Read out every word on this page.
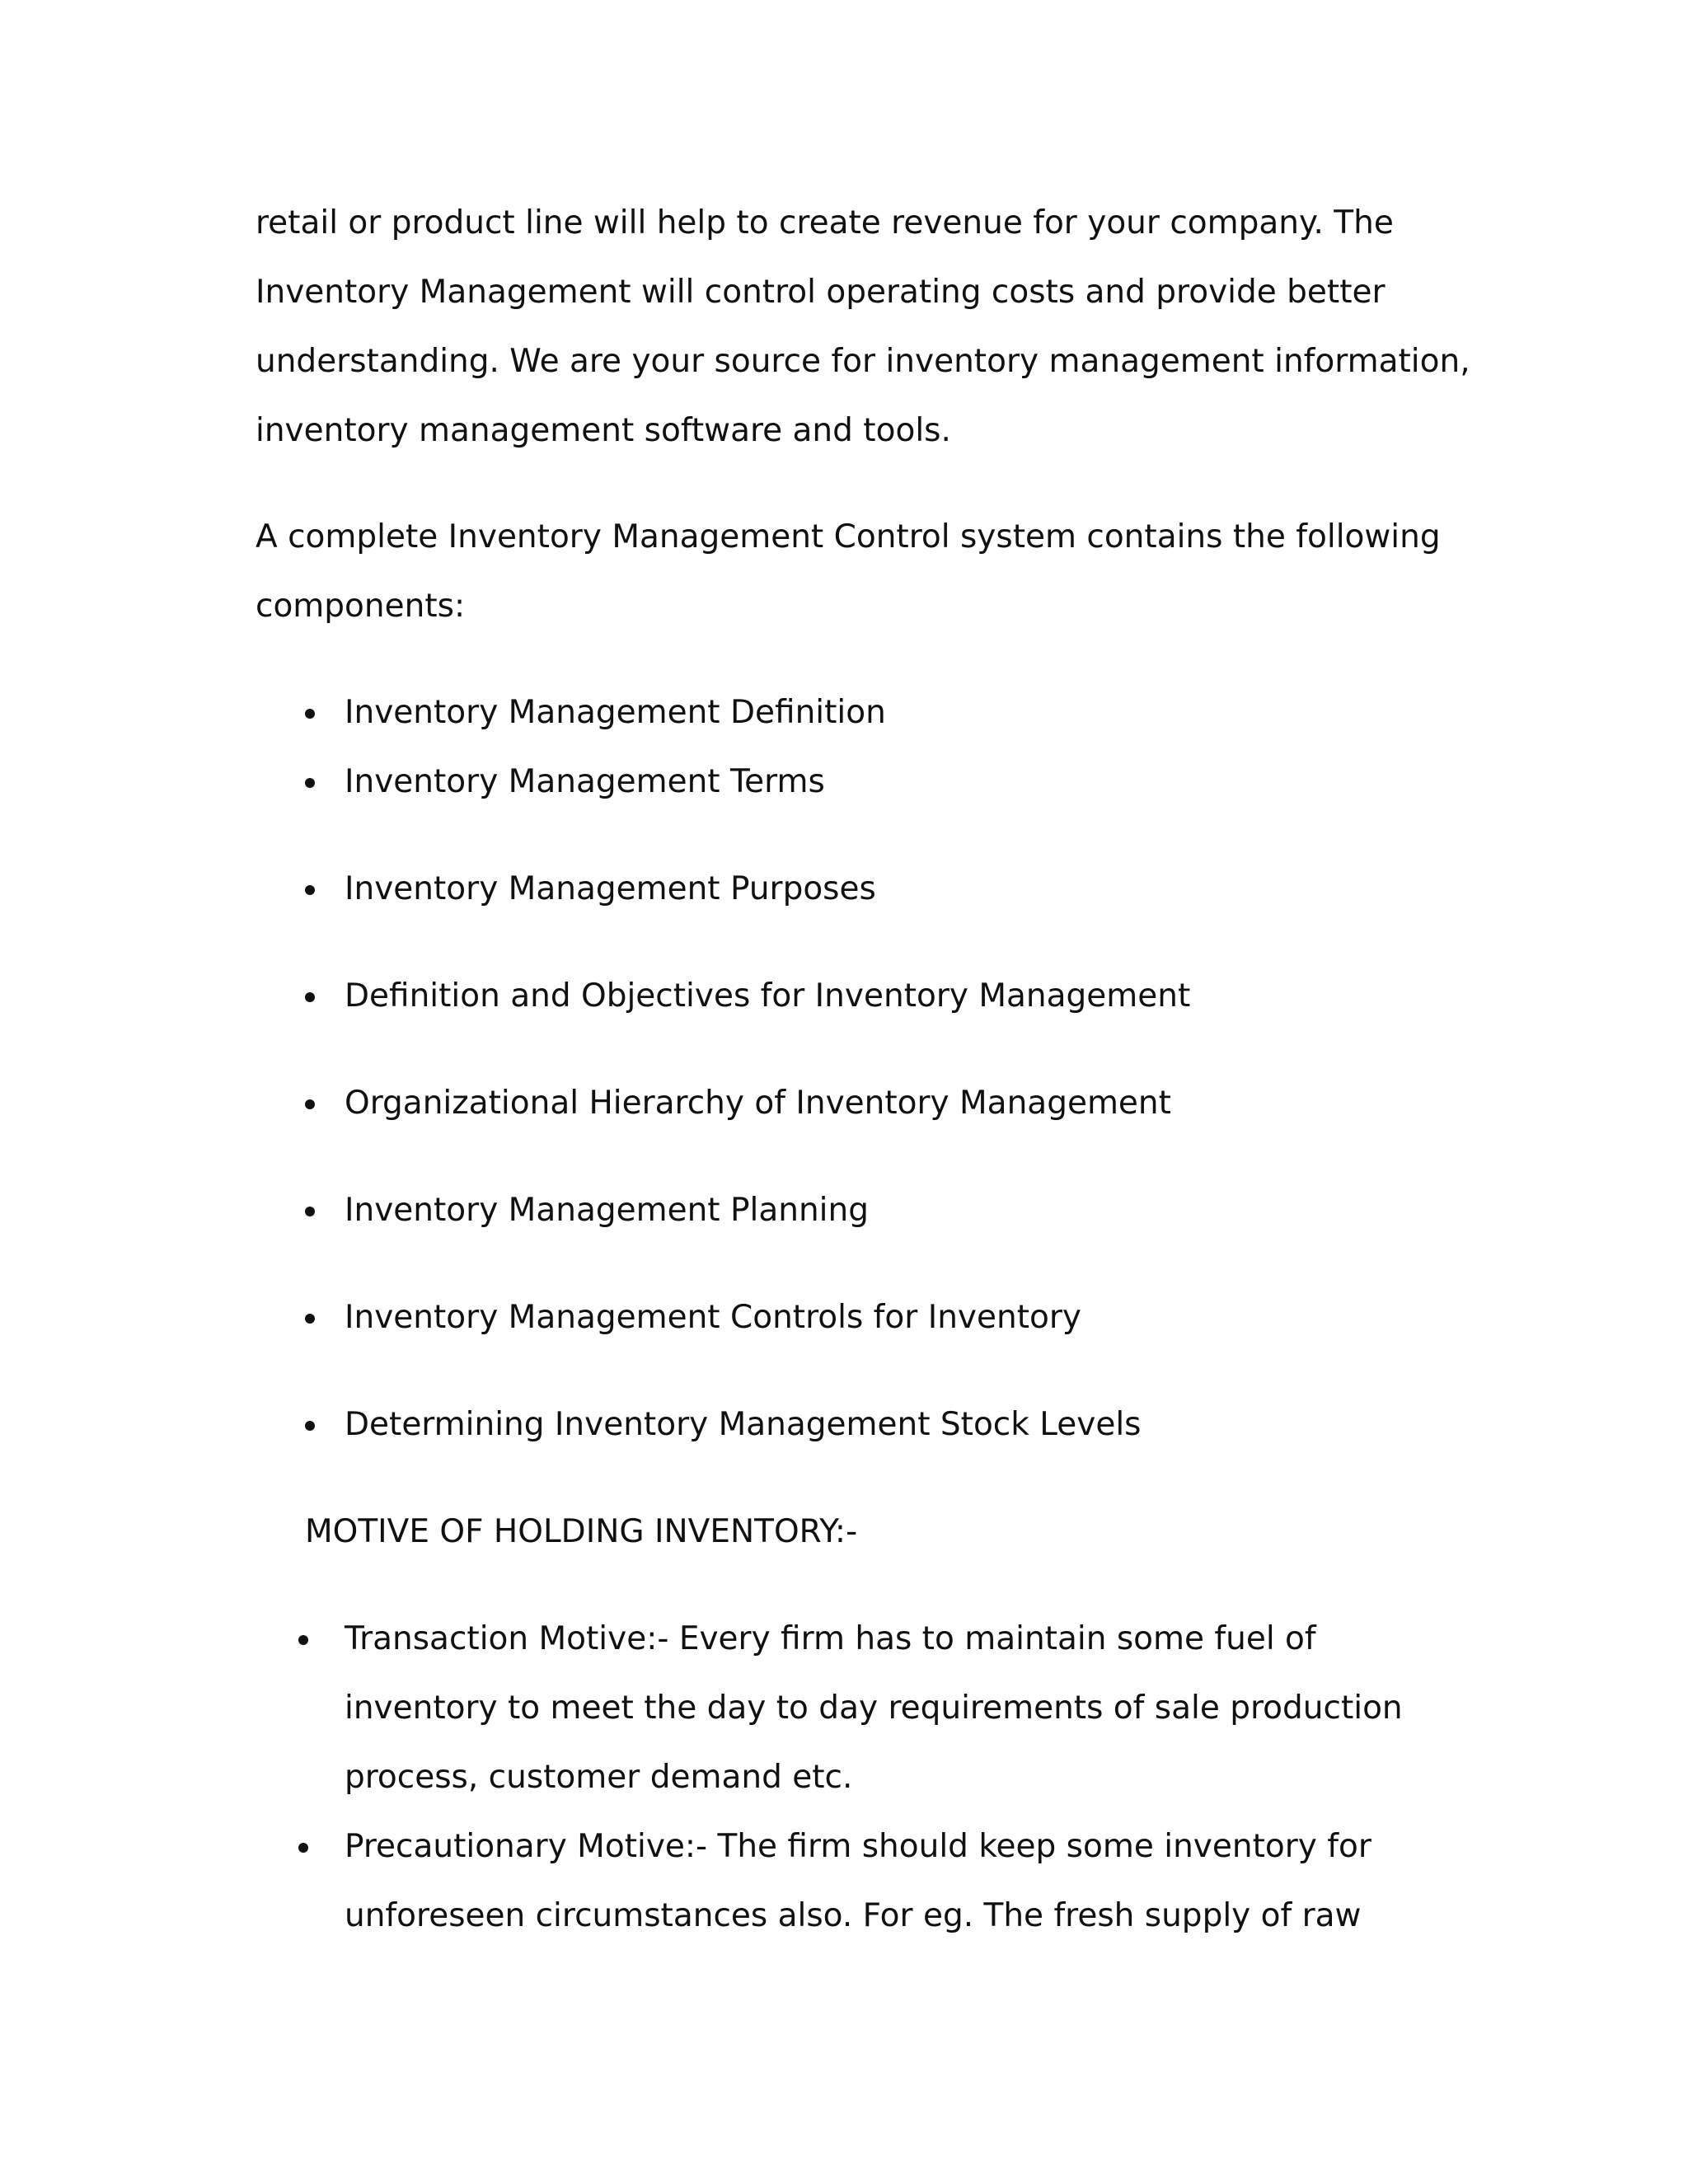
retail or product line will help to create revenue for your company. The
Inventory Management will control operating costs and provide better
understanding. We are your source for inventory management information,
inventory management software and tools.

A complete Inventory Management Control system contains the following
components:

Inventory Management Definition
Inventory Management Terms
Inventory Management Purposes
Definition and Objectives for Inventory Management
Organizational Hierarchy of Inventory Management
Inventory Management Planning
Inventory Management Controls for Inventory
Determining Inventory Management Stock Levels
MOTIVE OF HOLDING INVENTORY:-
Transaction Motive:- Every firm has to maintain some fuel of
inventory to meet the day to day requirements of sale production
process, customer demand etc.
Precautionary Motive:- The firm should keep some inventory for
unforeseen circumstances also. For eg. The fresh supply of raw
